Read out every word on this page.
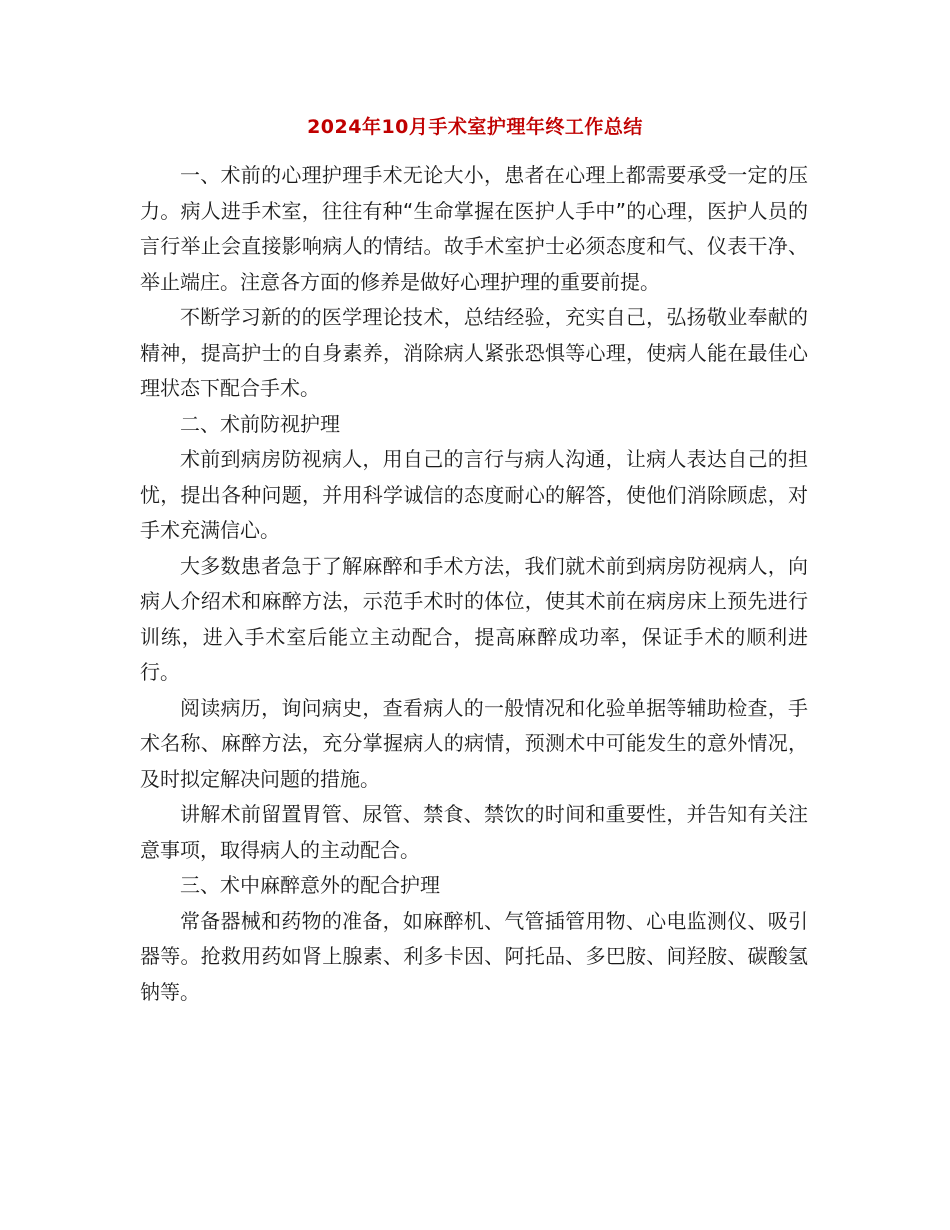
2024年10月手术室护理年终工作总结

一、术前的心理护理手术无论大小，患者在心理上都需要承受一定的压力。病人进手术室，往往有种“生命掌握在医护人手中”的心理，医护人员的言行举止会直接影响病人的情结。故手术室护士必须态度和气、仪表干净、举止端庄。注意各方面的修养是做好心理护理的重要前提。

不断学习新的的医学理论技术，总结经验，充实自己，弘扬敬业奉献的精神，提高护士的自身素养，消除病人紧张恐惧等心理，使病人能在最佳心理状态下配合手术。

二、术前防视护理

术前到病房防视病人，用自己的言行与病人沟通，让病人表达自己的担忧，提出各种问题，并用科学诚信的态度耐心的解答，使他们消除顾虑，对手术充满信心。

大多数患者急于了解麻醉和手术方法，我们就术前到病房防视病人，向病人介绍术和麻醉方法，示范手术时的体位，使其术前在病房床上预先进行训练，进入手术室后能立主动配合，提高麻醉成功率，保证手术的顺利进行。

阅读病历，询问病史，查看病人的一般情况和化验单据等辅助检查，手术名称、麻醉方法，充分掌握病人的病情，预测术中可能发生的意外情况，及时拟定解决问题的措施。

讲解术前留置胃管、尿管、禁食、禁饮的时间和重要性，并告知有关注意事项，取得病人的主动配合。

三、术中麻醉意外的配合护理

常备器械和药物的准备，如麻醉机、气管插管用物、心电监测仪、吸引器等。抢救用药如肾上腺素、利多卡因、阿托品、多巴胺、间羟胺、碳酸氢钠等。
